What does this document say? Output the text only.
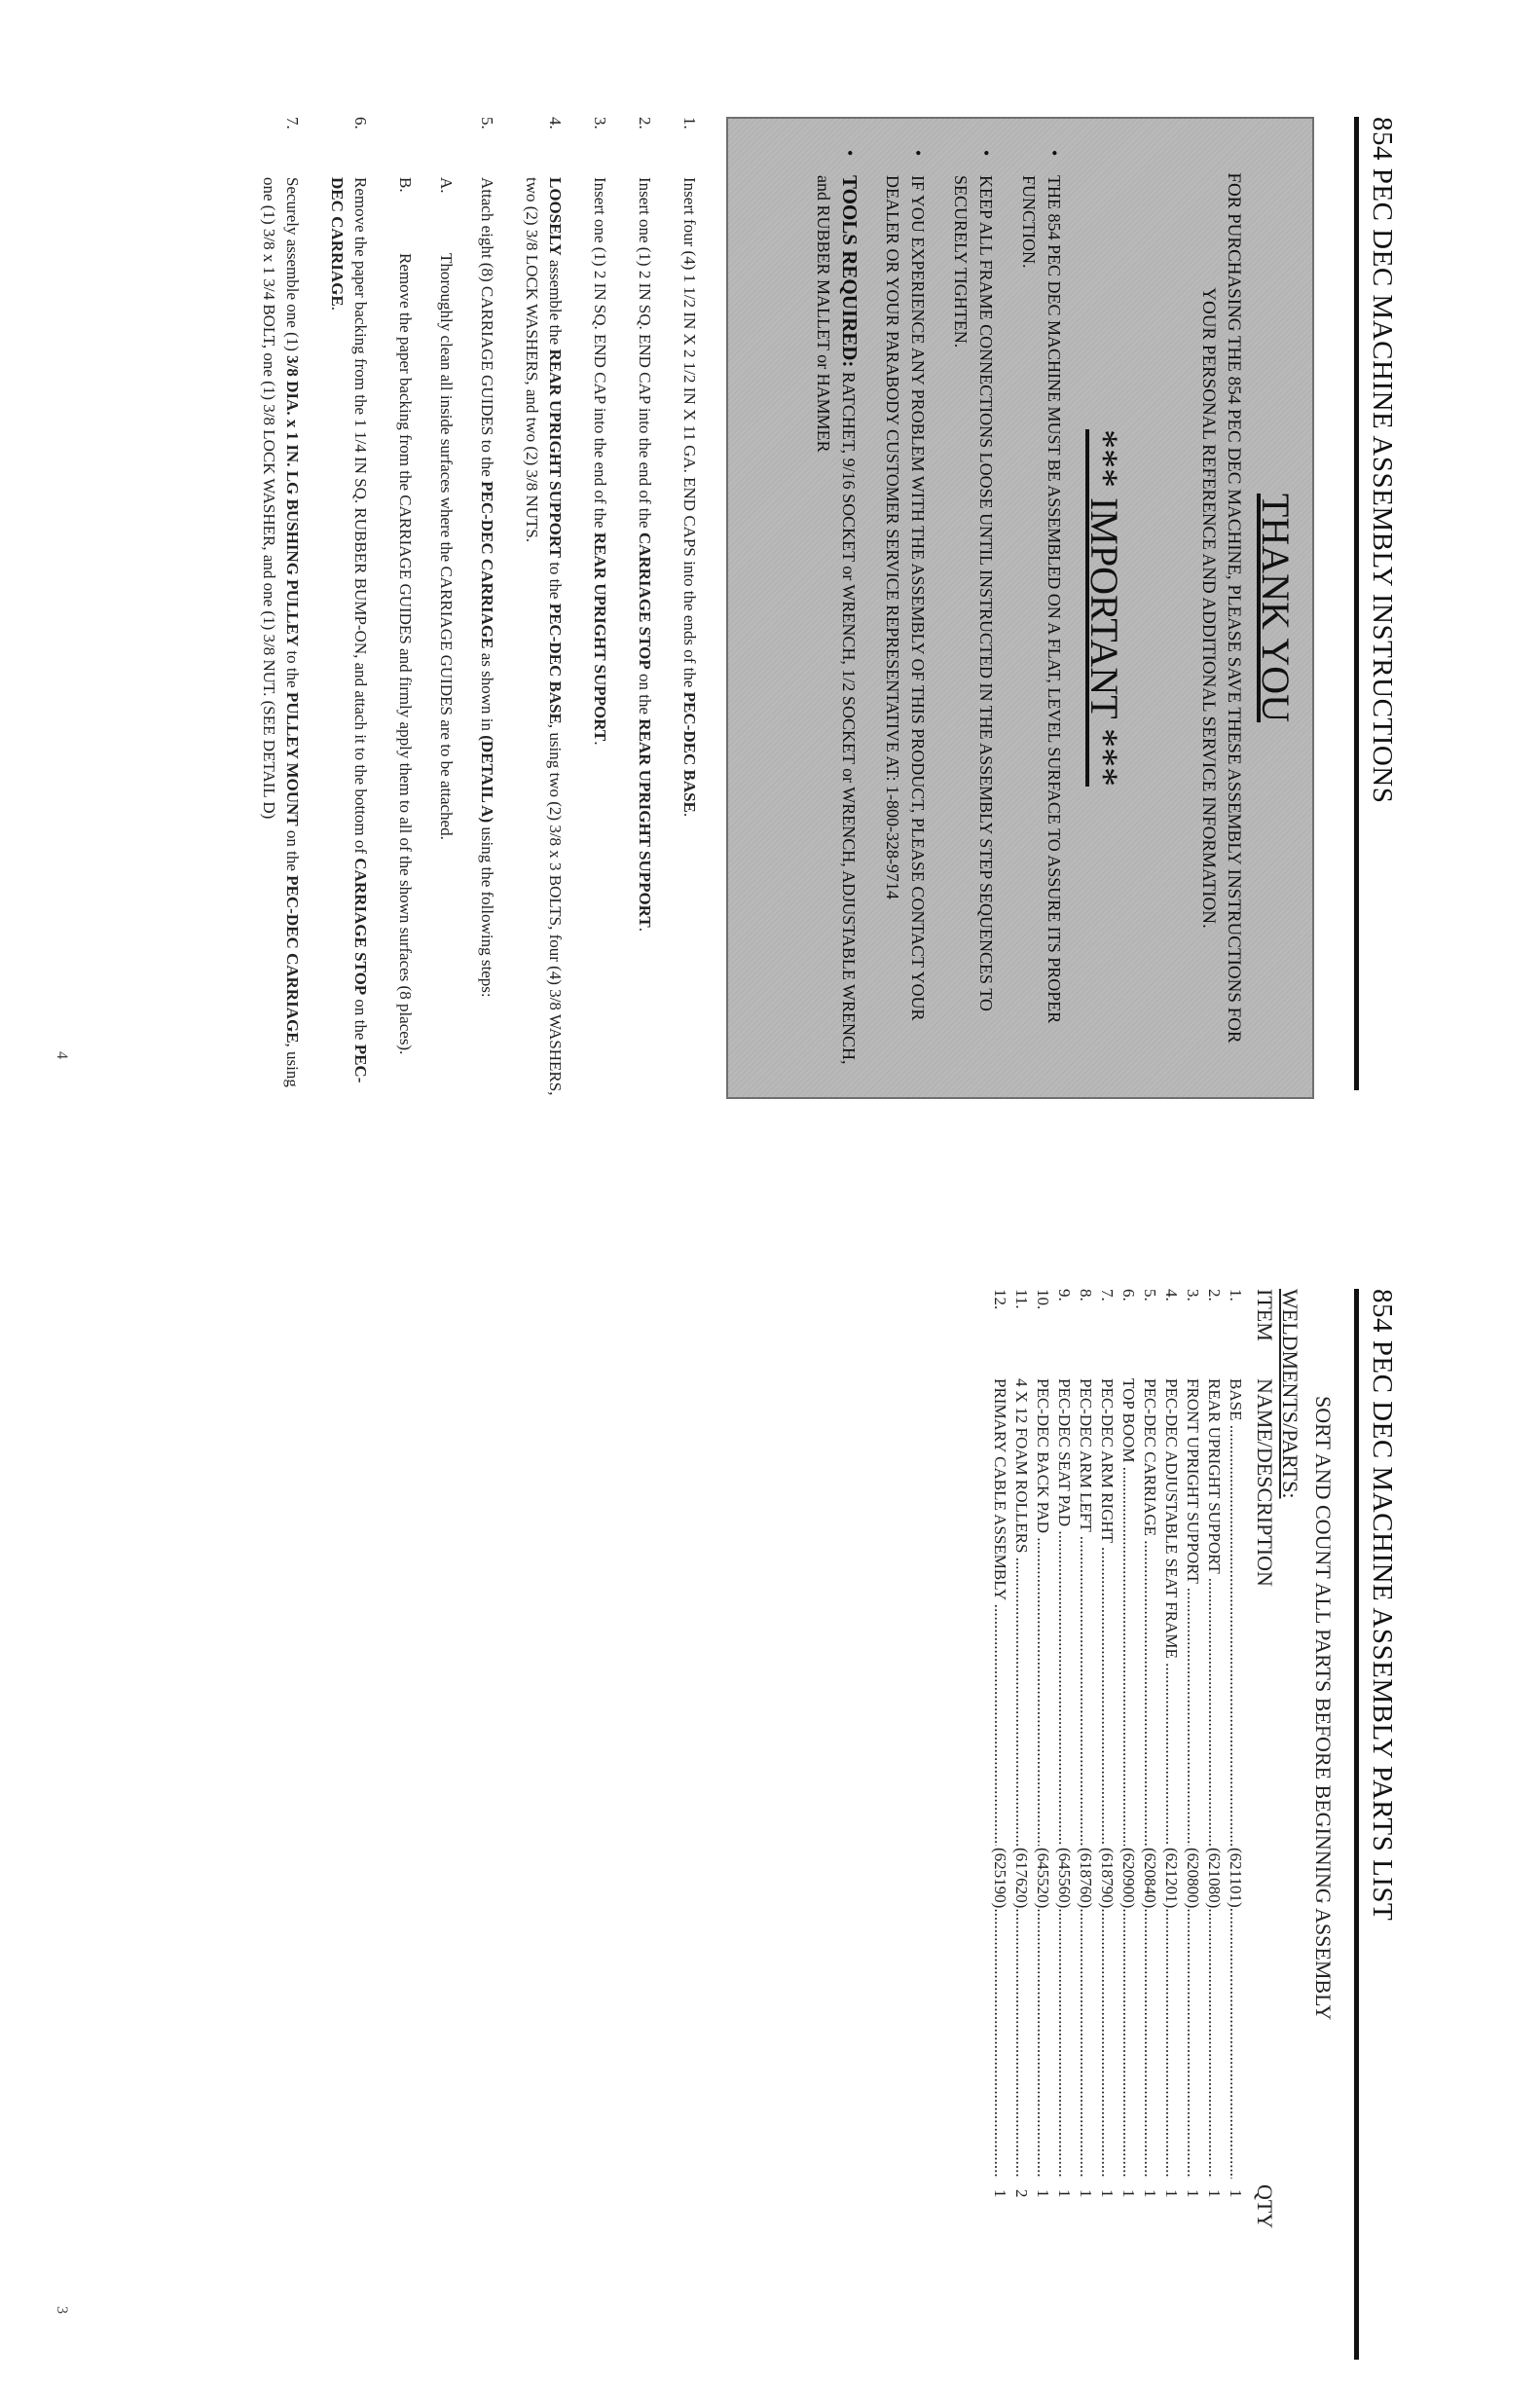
854 PEC DEC MACHINE ASSEMBLY INSTRUCTIONS
THANK YOU
FOR PURCHASING THE 854 PEC DEC MACHINE, PLEASE SAVE THESE ASSEMBLY INSTRUCTIONS FOR YOUR PERSONAL REFERENCE AND ADDITIONAL SERVICE INFORMATION.
*** IMPORTANT ***
•
THE 854 PEC DEC MACHINE MUST BE ASSEMBLED ON A FLAT, LEVEL SURFACE TO ASSURE ITS PROPER FUNCTION.
•
KEEP ALL FRAME CONNECTIONS LOOSE UNTIL INSTRUCTED IN THE ASSEMBLY STEP SEQUENCES TO SECURELY TIGHTEN.
•
IF YOU EXPERIENCE ANY PROBLEM WITH THE ASSEMBLY OF THIS PRODUCT, PLEASE CONTACT YOUR DEALER OR YOUR PARABODY CUSTOMER SERVICE REPRESENTATIVE AT: 1-800-328-9714
•
TOOLS REQUIRED: RATCHET, 9/16 SOCKET or WRENCH, 1/2 SOCKET or WRENCH, ADJUSTABLE WRENCH, and RUBBER MALLET or HAMMER
1.
Insert four (4) 1 1/2 IN X 2 1/2 IN X 11 GA. END CAPS into the ends of the PEC-DEC BASE.
2.
Insert one (1) 2 IN SQ. END CAP into the end of the CARRIAGE STOP on the REAR UPRIGHT SUPPORT.
3.
Insert one (1) 2 IN SQ. END CAP into the end of the REAR UPRIGHT SUPPORT.
4.
LOOSELY assemble the REAR UPRIGHT SUPPORT to the PEC-DEC BASE, using two (2) 3/8 x 3 BOLTS, four (4) 3/8 WASHERS, two (2) 3/8 LOCK WASHERS, and two (2) 3/8 NUTS.
5.
Attach eight (8) CARRIAGE GUIDES to the PEC-DEC CARRIAGE as shown in (DETAIL A) using the following steps:
A.
Thoroughly clean all inside surfaces where the CARRIAGE GUIDES are to be attached.
B.
Remove the paper backing from the CARRIAGE GUIDES and firmly apply them to all of the shown surfaces (8 places).
6.
Remove the paper backing from the 1 1/4 IN SQ. RUBBER BUMP-ON, and attach it to the bottom of CARRIAGE STOP on the PEC-DEC CARRIAGE.
7.
Securely assemble one (1) 3/8 DIA. x 1 IN. LG BUSHING PULLEY to the PULLEY MOUNT on the PEC-DEC CARRIAGE, using one (1) 3/8 x 1 3/4 BOLT, one (1) 3/8 LOCK WASHER, and one (1) 3/8 NUT. (SEE DETAIL D)
4
854 PEC DEC MACHINE ASSEMBLY PARTS LIST
SORT AND COUNT ALL PARTS BEFORE BEGINNING ASSEMBLY
WELDMENTS/PARTS:
ITEM
NAME/DESCRIPTION
QTY
1.
BASE .....
(621101) .....
1
2.
REAR UPRIGHT SUPPORT .....
(621080) .....
1
3.
FRONT UPRIGHT SUPPORT .....
(620800) .....
1
4.
PEC-DEC ADJUSTABLE SEAT FRAME .....
(621201) .....
1
5.
PEC-DEC CARRIAGE .....
(620840) .....
1
6.
TOP BOOM .....
(620900) .....
1
7.
PEC-DEC ARM RIGHT .....
(618790) .....
1
8.
PEC-DEC ARM LEFT .....
(618760) .....
1
9.
PEC-DEC SEAT PAD .....
(645560) .....
1
10.
PEC-DEC BACK PAD .....
(645520) .....
1
11.
4 X 12 FOAM ROLLERS .....
(617620) .....
2
12.
PRIMARY CABLE ASSEMBLY .....
(625190) .....
1
3
